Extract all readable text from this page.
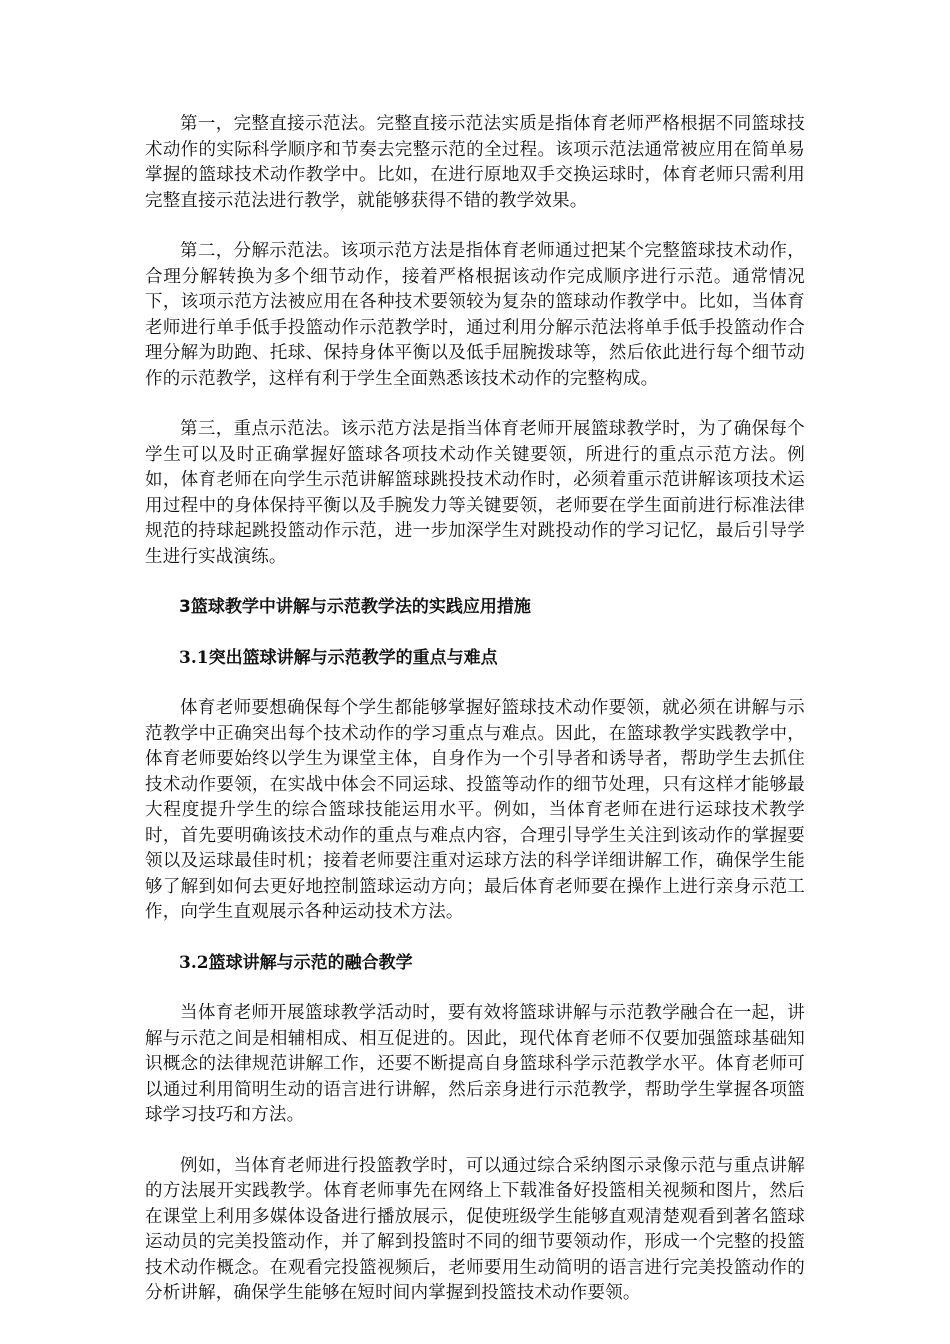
第一，完整直接示范法。完整直接示范法实质是指体育老师严格根据不同篮球技术动作的实际科学顺序和节奏去完整示范的全过程。该项示范法通常被应用在简单易掌握的篮球技术动作教学中。比如，在进行原地双手交换运球时，体育老师只需利用完整直接示范法进行教学，就能够获得不错的教学效果。

第二，分解示范法。该项示范方法是指体育老师通过把某个完整篮球技术动作，合理分解转换为多个细节动作，接着严格根据该动作完成顺序进行示范。通常情况下，该项示范方法被应用在各种技术要领较为复杂的篮球动作教学中。比如，当体育老师进行单手低手投篮动作示范教学时，通过利用分解示范法将单手低手投篮动作合理分解为助跑、托球、保持身体平衡以及低手屈腕拨球等，然后依此进行每个细节动作的示范教学，这样有利于学生全面熟悉该技术动作的完整构成。

第三，重点示范法。该示范方法是指当体育老师开展篮球教学时，为了确保每个学生可以及时正确掌握好篮球各项技术动作关键要领，所进行的重点示范方法。例如，体育老师在向学生示范讲解篮球跳投技术动作时，必须着重示范讲解该项技术运用过程中的身体保持平衡以及手腕发力等关键要领，老师要在学生面前进行标准法律规范的持球起跳投篮动作示范，进一步加深学生对跳投动作的学习记忆，最后引导学生进行实战演练。

3篮球教学中讲解与示范教学法的实践应用措施
3.1突出篮球讲解与示范教学的重点与难点

体育老师要想确保每个学生都能够掌握好篮球技术动作要领，就必须在讲解与示范教学中正确突出每个技术动作的学习重点与难点。因此，在篮球教学实践教学中，体育老师要始终以学生为课堂主体，自身作为一个引导者和诱导者，帮助学生去抓住技术动作要领，在实战中体会不同运球、投篮等动作的细节处理，只有这样才能够最大程度提升学生的综合篮球技能运用水平。例如，当体育老师在进行运球技术教学时，首先要明确该技术动作的重点与难点内容，合理引导学生关注到该动作的掌握要领以及运球最佳时机；接着老师要注重对运球方法的科学详细讲解工作，确保学生能够了解到如何去更好地控制篮球运动方向；最后体育老师要在操作上进行亲身示范工作，向学生直观展示各种运动技术方法。

3.2篮球讲解与示范的融合教学

当体育老师开展篮球教学活动时，要有效将篮球讲解与示范教学融合在一起，讲解与示范之间是相辅相成、相互促进的。因此，现代体育老师不仅要加强篮球基础知识概念的法律规范讲解工作，还要不断提高自身篮球科学示范教学水平。体育老师可以通过利用简明生动的语言进行讲解，然后亲身进行示范教学，帮助学生掌握各项篮球学习技巧和方法。

例如，当体育老师进行投篮教学时，可以通过综合采纳图示录像示范与重点讲解的方法展开实践教学。体育老师事先在网络上下载准备好投篮相关视频和图片，然后在课堂上利用多媒体设备进行播放展示，促使班级学生能够直观清楚观看到著名篮球运动员的完美投篮动作，并了解到投篮时不同的细节要领动作，形成一个完整的投篮技术动作概念。在观看完投篮视频后，老师要用生动简明的语言进行完美投篮动作的分析讲解，确保学生能够在短时间内掌握到投篮技术动作要领。
